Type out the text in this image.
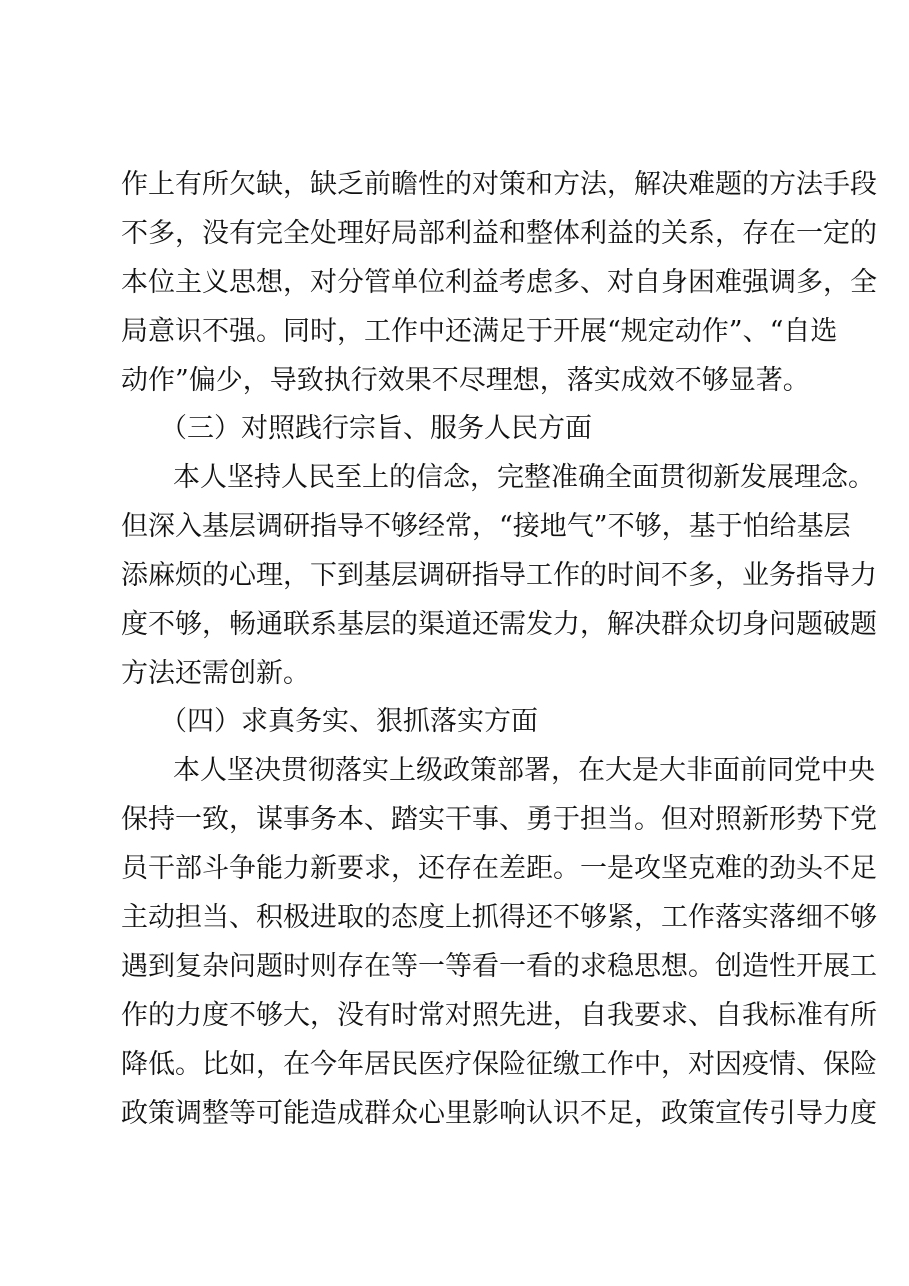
作上有所欠缺，缺乏前瞻性的对策和方法，解决难题的方法手段
不多，没有完全处理好局部利益和整体利益的关系，存在一定的
本位主义思想，对分管单位利益考虑多、对自身困难强调多，全
局意识不强。同时，工作中还满足于开展“规定动作”、“自选
动作”偏少，导致执行效果不尽理想，落实成效不够显著。
（三）对照践行宗旨、服务人民方面
本人坚持人民至上的信念，完整准确全面贯彻新发展理念。
但深入基层调研指导不够经常，“接地气”不够，基于怕给基层
添麻烦的心理，下到基层调研指导工作的时间不多，业务指导力
度不够，畅通联系基层的渠道还需发力，解决群众切身问题破题
方法还需创新。
（四）求真务实、狠抓落实方面
本人坚决贯彻落实上级政策部署，在大是大非面前同党中央
保持一致，谋事务本、踏实干事、勇于担当。但对照新形势下党
员干部斗争能力新要求，还存在差距。一是攻坚克难的劲头不足
主动担当、积极进取的态度上抓得还不够紧，工作落实落细不够
遇到复杂问题时则存在等一等看一看的求稳思想。创造性开展工
作的力度不够大，没有时常对照先进，自我要求、自我标准有所
降低。比如，在今年居民医疗保险征缴工作中，对因疫情、保险
政策调整等可能造成群众心里影响认识不足，政策宣传引导力度
